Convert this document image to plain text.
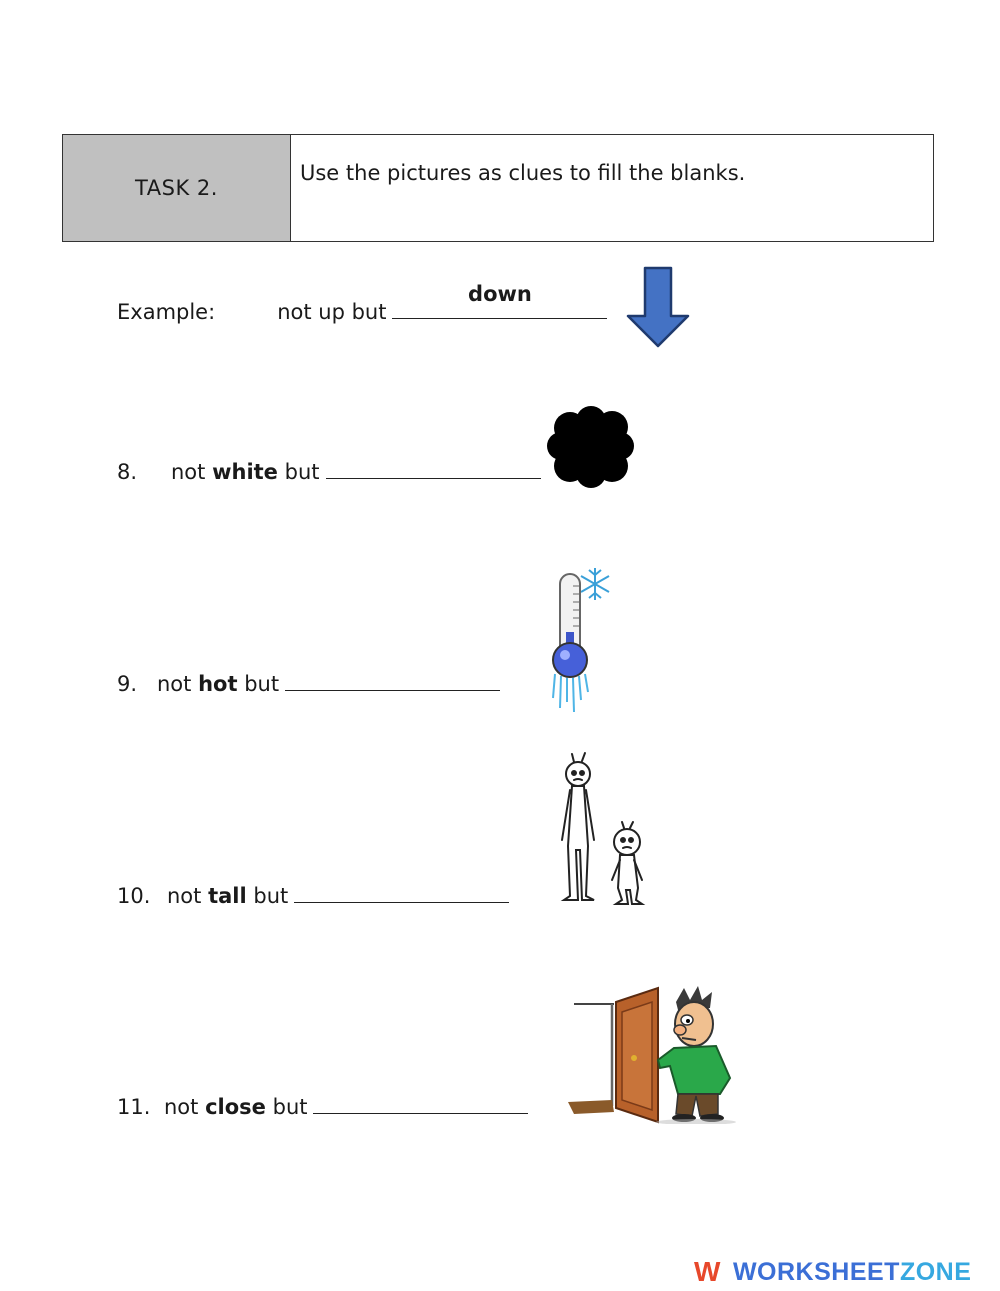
TASK 2.
Use the pictures as clues to fill the blanks.
Example:	not up but
down
8.	not
white
but
9. not
hot
but
10. not
tall
but
11. not
close
but
W WORKSHEET ZONE
